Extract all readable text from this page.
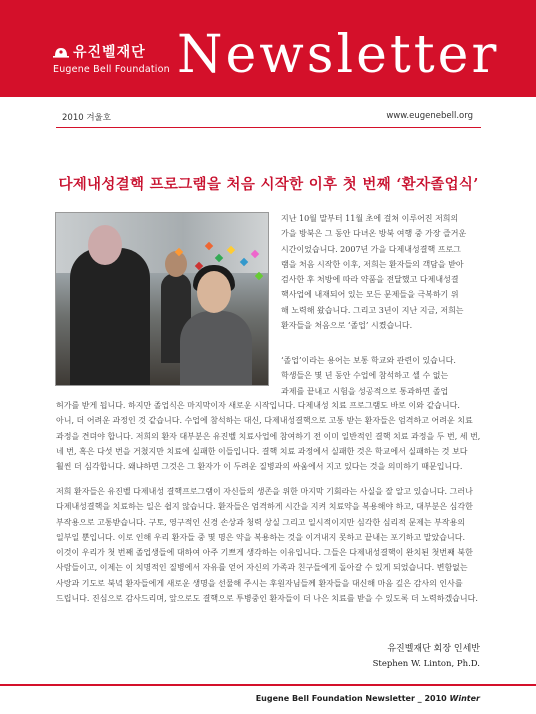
유진벨재단
Eugene Bell Foundation Newsletter
2010 겨울호	www.eugenebell.org
다제내성결핵 프로그램을 처음 시작한 이후 첫 번째 ‘환자졸업식’
지난 10월 말부터 11월 초에 걸쳐 이루어진 저희의
가을 방북은 그 동안 다녀온 방북 여행 중 가장 즐거운
시간이었습니다. 2007년 가을 다제내성결핵 프로그
램을 처음 시작한 이후, 저희는 환자들의 객담을 받아
검사한 후 처방에 따라 약품을 전달했고 다제내성결
핵사업에 내재되어 있는 모든 문제들을 극복하기 위
해 노력해 왔습니다. 그리고 3년이 지난 지금, 저희는
환자들을 처음으로 ‘졸업’ 시켰습니다.
‘졸업’이라는 용어는 보통 학교와 관련이 있습니다.
학생들은 몇 년 동안 수업에 참석하고 셀 수 없는
과제를 끝내고 시험을 성공적으로 통과하면 졸업
허가를 받게 됩니다. 하지만 졸업식은 마지막이자 새로운 시작입니다. 다제내성 치료 프로그램도 바로 이와 같습니다.
아니, 더 어려운 과정인 것 같습니다. 수업에 참석하는 대신, 다제내성결핵으로 고통 받는 환자들은 엄격하고 어려운 치료
과정을 견뎌야 합니다. 저희의 환자 대부분은 유진벨 치료사업에 참여하기 전 이미 일반적인 결핵 치료 과정을 두 번, 세 번,
네 번, 혹은 다섯 번을 거쳤지만 치료에 실패한 이들입니다. 결핵 치료 과정에서 실패한 것은 학교에서 실패하는 것 보다
훨씬 더 심각합니다. 왜냐하면 그것은 그 환자가 이 두려운 질병과의 싸움에서 지고 있다는 것을 의미하기 때문입니다.
저희 환자들은 유진벨 다제내성 결핵프로그램이 자신들의 생존을 위한 마지막 기회라는 사실을 잘 알고 있습니다. 그러나
다제내성결핵을 치료하는 일은 쉽지 않습니다. 환자들은 엄격하게 시간을 지켜 치료약을 복용해야 하고, 대부분은 심각한
부작용으로 고통받습니다. 구토, 영구적인 신경 손상과 청력 상실 그리고 일시적이지만 심각한 심리적 문제는 부작용의
일부일 뿐입니다. 이로 인해 우리 환자들 중 몇 명은 약을 복용하는 것을 이겨내지 못하고 끝내는 포기하고 말았습니다.
이것이 우리가 첫 번째 졸업생들에 대하여 아주 기쁘게 생각하는 이유입니다. 그들은 다제내성결핵이 완치된 첫번째 북한
사람들이고, 이제는 이 치명적인 질병에서 자유를 얻어 자신의 가족과 친구들에게 돌아갈 수 있게 되었습니다. 변함없는
사랑과 기도로 북녘 환자들에게 새로운 생명을 선물해 주시는 후원자님들께 환자들을 대신해 마음 깊은 감사의 인사를
드립니다. 진심으로 감사드리며, 앞으로도 결핵으로 투병중인 환자들이 더 나은 치료를 받을 수 있도록 더 노력하겠습니다.
유진벨재단 회장 인세반
Stephen W. Linton, Ph.D.
Eugene Bell Foundation Newsletter _ 2010 Winter
